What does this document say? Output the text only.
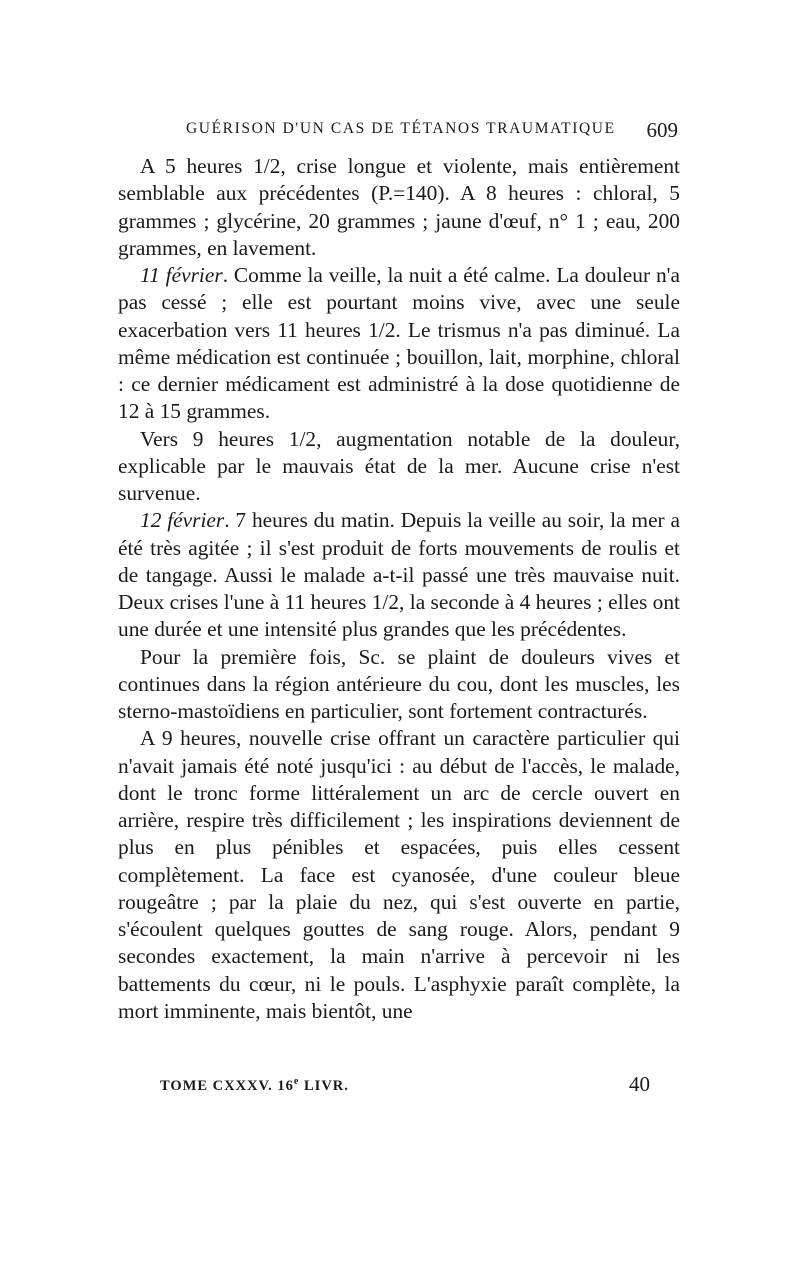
GUÉRISON D'UN CAS DE TÉTANOS TRAUMATIQUE 609

A 5 heures 1/2, crise longue et violente, mais entièrement semblable aux précédentes (P.=140). A 8 heures : chloral, 5 grammes ; glycérine, 20 grammes ; jaune d'œuf, n° 1 ; eau, 200 grammes, en lavement.

11 février. Comme la veille, la nuit a été calme. La douleur n'a pas cessé ; elle est pourtant moins vive, avec une seule exacerbation vers 11 heures 1/2. Le trismus n'a pas diminué. La même médication est continuée ; bouillon, lait, morphine, chloral : ce dernier médicament est administré à la dose quotidienne de 12 à 15 grammes.

Vers 9 heures 1/2, augmentation notable de la douleur, explicable par le mauvais état de la mer. Aucune crise n'est survenue.

12 février. 7 heures du matin. Depuis la veille au soir, la mer a été très agitée ; il s'est produit de forts mouvements de roulis et de tangage. Aussi le malade a-t-il passé une très mauvaise nuit. Deux crises l'une à 11 heures 1/2, la seconde à 4 heures ; elles ont une durée et une intensité plus grandes que les précédentes.

Pour la première fois, Sc. se plaint de douleurs vives et continues dans la région antérieure du cou, dont les muscles, les sterno-mastoïdiens en particulier, sont fortement contracturés.

A 9 heures, nouvelle crise offrant un caractère particulier qui n'avait jamais été noté jusqu'ici : au début de l'accès, le malade, dont le tronc forme littéralement un arc de cercle ouvert en arrière, respire très difficilement ; les inspirations deviennent de plus en plus pénibles et espacées, puis elles cessent complètement. La face est cyanosée, d'une couleur bleue rougeâtre ; par la plaie du nez, qui s'est ouverte en partie, s'écoulent quelques gouttes de sang rouge. Alors, pendant 9 secondes exactement, la main n'arrive à percevoir ni les battements du cœur, ni le pouls. L'asphyxie paraît complète, la mort imminente, mais bientôt, une

TOME CXXXV. 16e LIVR.	40
